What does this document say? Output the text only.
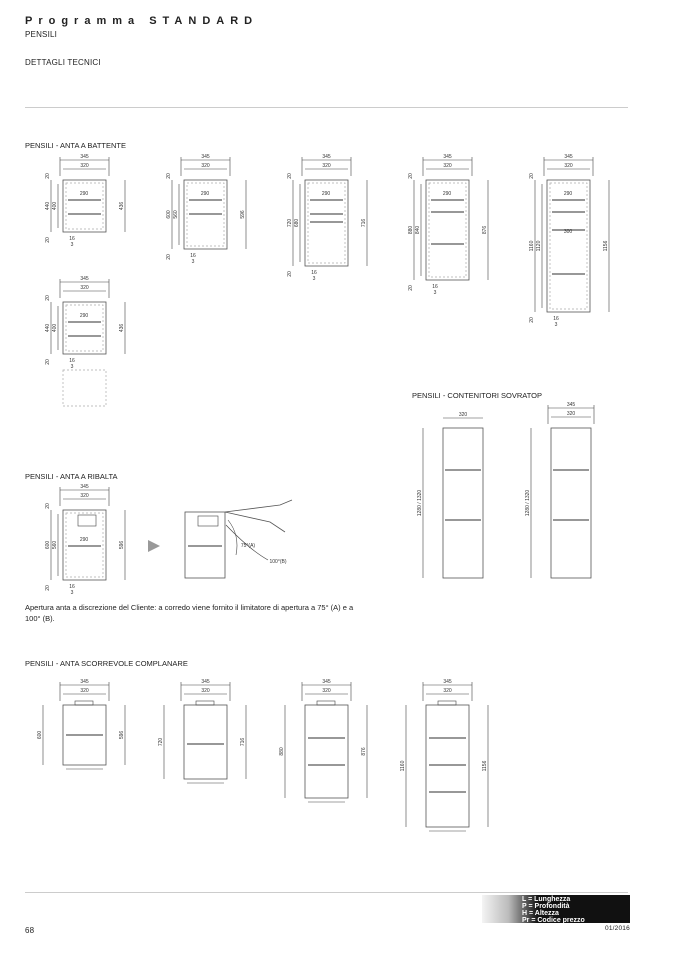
Programma STANDARD
PENSILI
DETTAGLI TECNICI
PENSILI - ANTA A BATTENTE
PENSILI - ANTA A RIBALTA
PENSILI - CONTENITORI SOVRATOP
PENSILI - ANTA SCORREVOLE COMPLANARE
Apertura anta a discrezione del Cliente: a corredo viene fornito il limitatore di apertura a 75° (A) e a 100° (B).
345
320
290
440 400
20
20
436
16
3
345
320
290
600 560
20
20
596
16
3
345
320
290
720 680
20
20
716
16
3
345
320
290
880 840
20
20
876
16
3
345
320
290
300
1160 1120
20
20
1156
16
3
345
320
290
440 400	436
20
20	16
3
345
320
290
600 560	596
20
20	16
3
75°(A)
100°(B)
320
1280 / 1320
345
320
1280 / 1320
345
320
600	596
345
320
720	716
345
320
880	876
345
320
1160	1156
68	01/2016
L = Lunghezza
P = Profondità
H = Altezza
Pr = Codice prezzo
